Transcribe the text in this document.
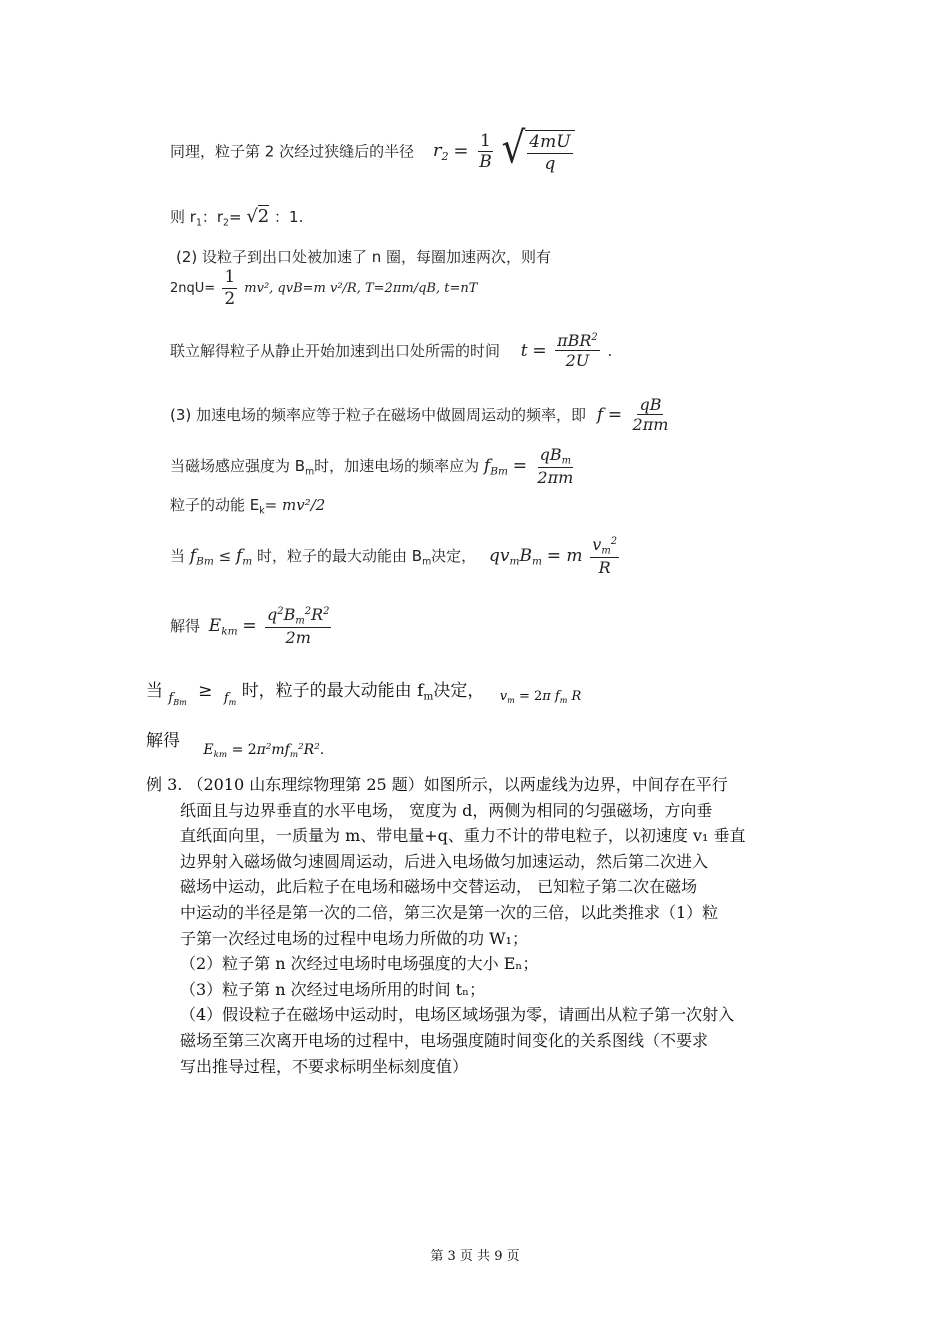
同理，粒子第 2 次经过狭缝后的半径 $r_2 = \frac{1}{B}$
√ $\frac{4mU}{q}$
则 $r_1$：$r_2= √2$ ：1.
(2) 设粒子到出口处被加速了 n 圈，每圈加速两次，则有
$2nqU= \frac{1}{2} mv^2$, qvB=m v²/R, T=2πm/qB, t=nT
联立解得粒子从静止开始加速到出口处所需的时间 $t = \frac{\pi BR^2}{2U}$ .
(3) 加速电场的频率应等于粒子在磁场中做圆周运动的频率，即 $f = \frac{qB}{2\pi m}$
当磁场感应强度为 $B_m$时，加速电场的频率应为 $f_{Bm} = \frac{qB_m}{2\pi m}$
粒子的动能 $E_k= mv^2/2$
当 $f_{Bm} \le f_m$ 时，粒子的最大动能由 $B_m$决定， $qv_mB_m = m \frac{v_m^2}{R}$
解得 $E_{km} = \frac{q^2B_m^2R^2}{2m}$
当 $_{f_{Bm}}$ ≥ $_{f_m}$ 时，粒子的最大动能由 $f_m$决定， $_{v_m = 2\pi f_m R}$
解得 $_{E_{km} = 2\pi^2mf_m^2R^2.}$
例 3. （2010 山东理综物理第 25 题）如图所示，以两虚线为边界，中间存在平行
纸面且与边界垂直的水平电场， 宽度为 d，两侧为相同的匀强磁场，方向垂
直纸面向里，一质量为 m、带电量+q、重力不计的带电粒子，以初速度 v₁ 垂直
边界射入磁场做匀速圆周运动，后进入电场做匀加速运动，然后第二次进入
磁场中运动，此后粒子在电场和磁场中交替运动， 已知粒子第二次在磁场
中运动的半径是第一次的二倍，第三次是第一次的三倍，以此类推求（1）粒
子第一次经过电场的过程中电场力所做的功 W₁；
（2）粒子第 n 次经过电场时电场强度的大小 Eₙ；
（3）粒子第 n 次经过电场所用的时间 tₙ；
（4）假设粒子在磁场中运动时，电场区域场强为零，请画出从粒子第一次射入
磁场至第三次离开电场的过程中，电场强度随时间变化的关系图线（不要求
写出推导过程，不要求标明坐标刻度值）
第 3 页 共 9 页
